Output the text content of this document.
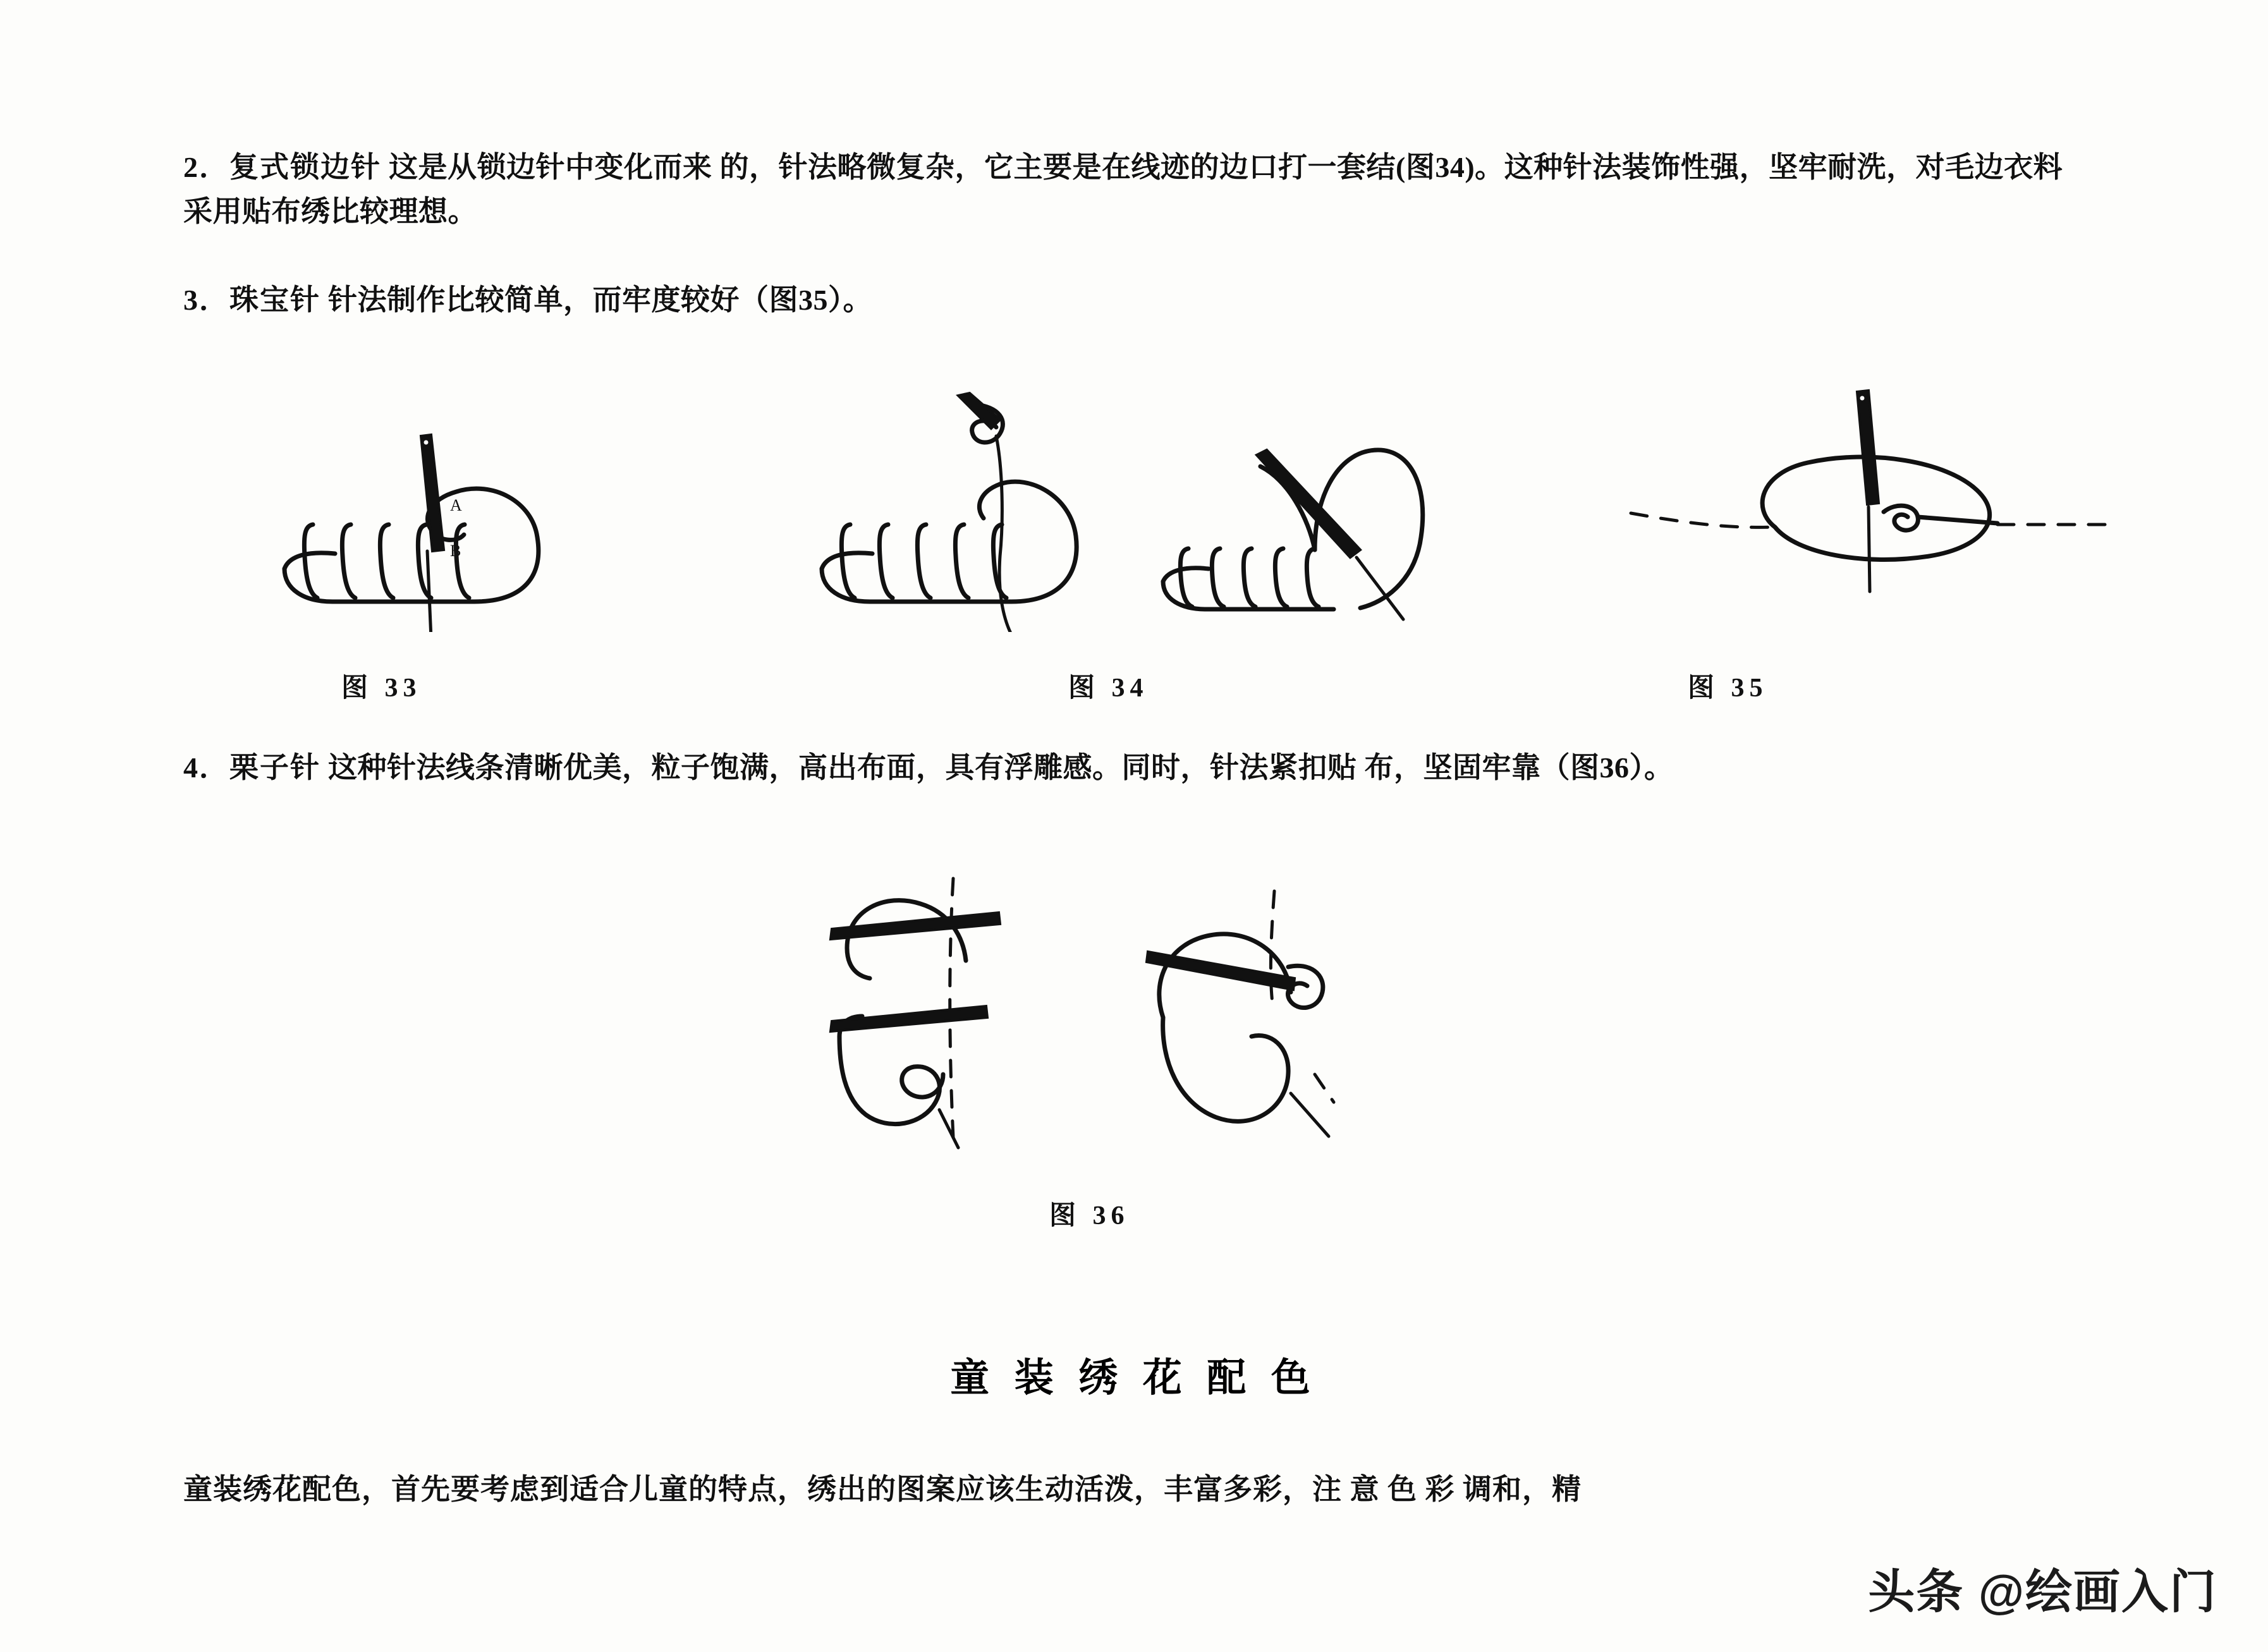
2．复式锁边针 这是从锁边针中变化而来 的，针法略微复杂，它主要是在线迹的边口打一套结(图34)。这种针法装饰性强，坚牢耐洗，对毛边衣料采用贴布绣比较理想。
3．珠宝针 针法制作比较简单，而牢度较好（图35）。
A
B
图 33	图 34	图 35
4．栗子针 这种针法线条清晰优美，粒子饱满，高出布面，具有浮雕感。同时，针法紧扣贴 布，坚固牢靠（图36）。
图 36
童 装 绣 花 配 色
童装绣花配色，首先要考虑到适合儿童的特点，绣出的图案应该生动活泼，丰富多彩，注 意 色 彩 调和，精
头条 @绘画入门
